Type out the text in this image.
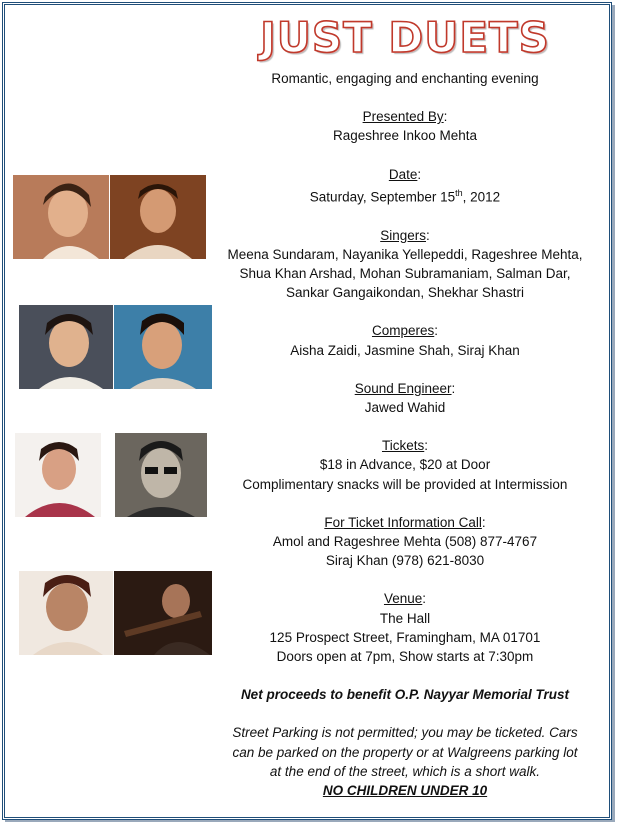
JUST DUETS

Romantic, engaging and enchanting evening

Presented By:

Rageshree Inkoo Mehta

Date:

Saturday, September 15th, 2012

Singers:

Meena Sundaram, Nayanika Yellepeddi, Rageshree Mehta,

Shua Khan Arshad, Mohan Subramaniam, Salman Dar,

Sankar Gangaikondan, Shekhar Shastri

Comperes:

Aisha Zaidi, Jasmine Shah, Siraj Khan

Sound Engineer:

Jawed Wahid

Tickets:

$18 in Advance, $20 at Door

Complimentary snacks will be provided at Intermission

For Ticket Information Call:

Amol and Rageshree Mehta (508) 877-4767

Siraj Khan (978) 621-8030

Venue:

The Hall

125 Prospect Street, Framingham, MA 01701

Doors open at 7pm, Show starts at 7:30pm

Net proceeds to benefit O.P. Nayyar Memorial Trust

Street Parking is not permitted; you may be ticketed. Cars

can be parked on the property or at Walgreens parking lot

at the end of the street, which is a short walk.

NO CHILDREN UNDER 10
